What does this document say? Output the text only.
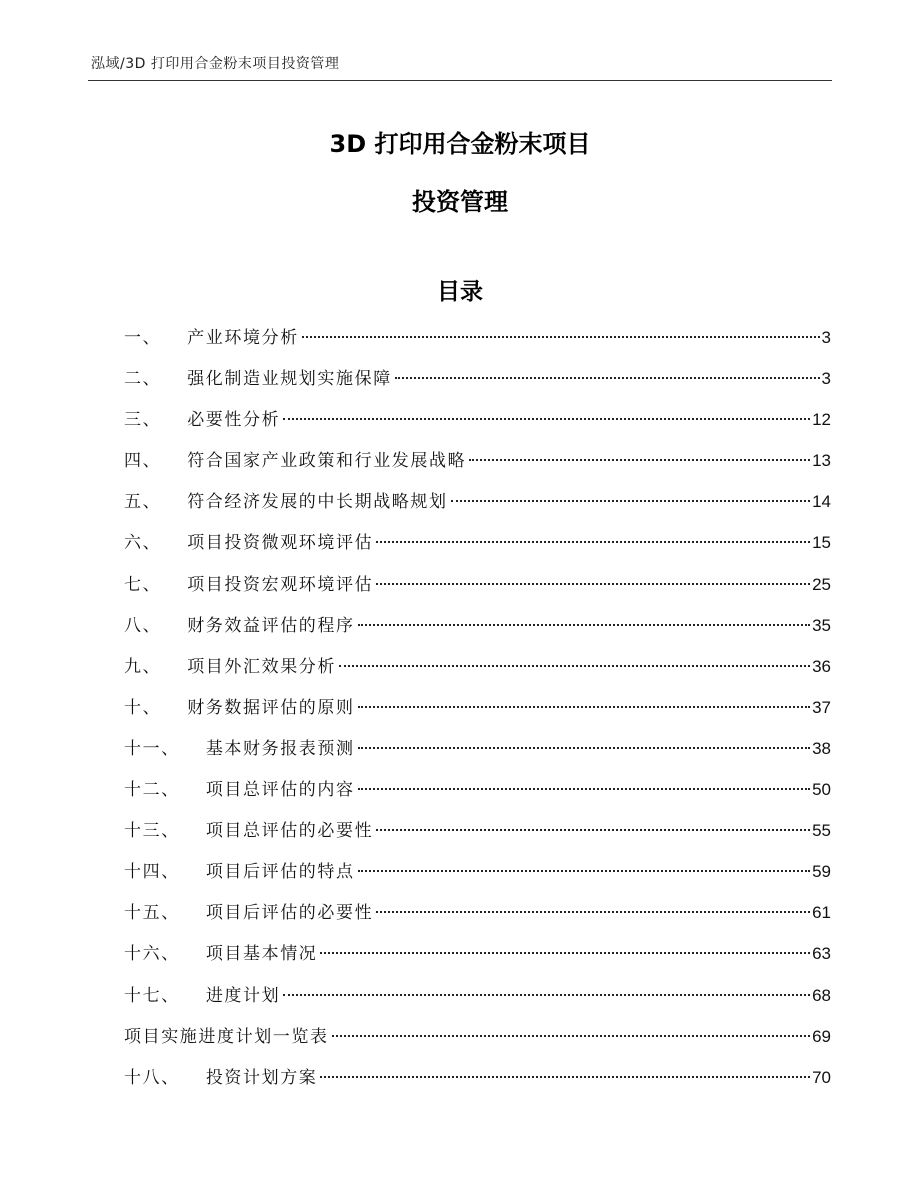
泓域/3D 打印用合金粉末项目投资管理
3D 打印用合金粉末项目
投资管理
目录
一、 产业环境分析	3
二、 强化制造业规划实施保障	3
三、 必要性分析	12
四、 符合国家产业政策和行业发展战略	13
五、 符合经济发展的中长期战略规划	14
六、 项目投资微观环境评估	15
七、 项目投资宏观环境评估	25
八、 财务效益评估的程序	35
九、 项目外汇效果分析	36
十、 财务数据评估的原则	37
十一、 基本财务报表预测	38
十二、 项目总评估的内容	50
十三、 项目总评估的必要性	55
十四、 项目后评估的特点	59
十五、 项目后评估的必要性	61
十六、 项目基本情况	63
十七、 进度计划	68
项目实施进度计划一览表	69
十八、 投资计划方案	70
